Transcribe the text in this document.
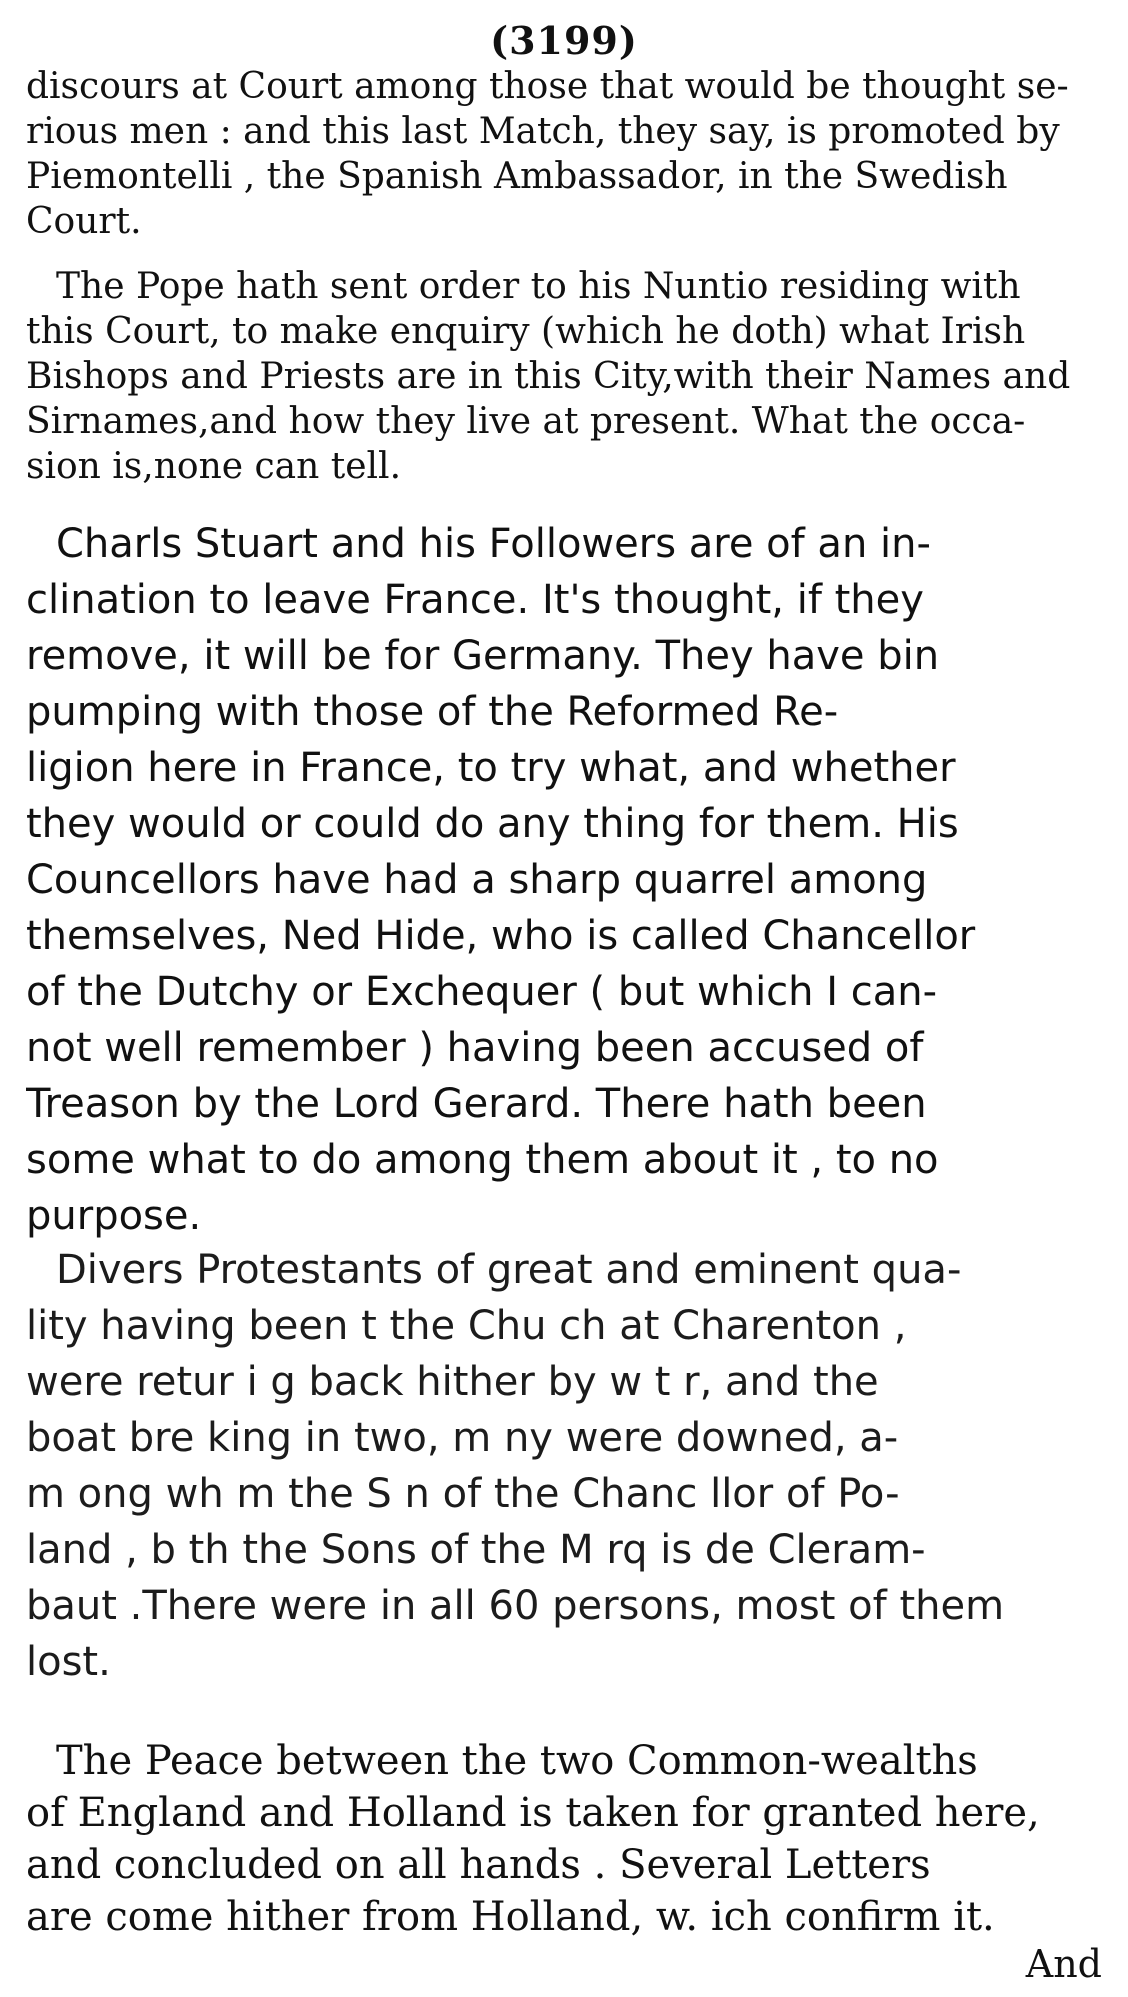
(3199)
discours at Court among those that would be thought se-
rious men : and this last Match, they say, is promoted by
Piemontelli , the Spanish Ambassador, in the Swedish
Court.
The Pope hath sent order to his Nuntio residing with
this Court, to make enquiry (which he doth) what Irish
Bishops and Priests are in this City,with their Names and
Sirnames,and how they live at present. What the occa-
sion is,none can tell.
Charls Stuart and his Followers are of an in-
clination to leave France. It's thought, if they
remove, it will be for Germany. They have bin
pumping with those of the Reformed Re-
ligion here in France, to try what, and whether
they would or could do any thing for them. His
Councellors have had a sharp quarrel among
themselves, Ned Hide, who is called Chancellor
of the Dutchy or Exchequer ( but which I can-
not well remember ) having been accused of
Treason by the Lord Gerard. There hath been
some what to do among them about it , to no
purpose.
Divers Protestants of great and eminent qua-
lity having been t the Chu ch at Charenton ,
were retur i g back hither by w t r, and the
boat bre king in two, m ny were downed, a-
m ong wh m the S n of the Chanc llor of Po-
land , b th the Sons of the M rq is de Cleram-
baut .There were in all 60 persons, most of them
lost.
The Peace between the two Common-wealths
of England and Holland is taken for granted here,
and concluded on all hands . Several Letters
are come hither from Holland, w. ich confirm it.
And
